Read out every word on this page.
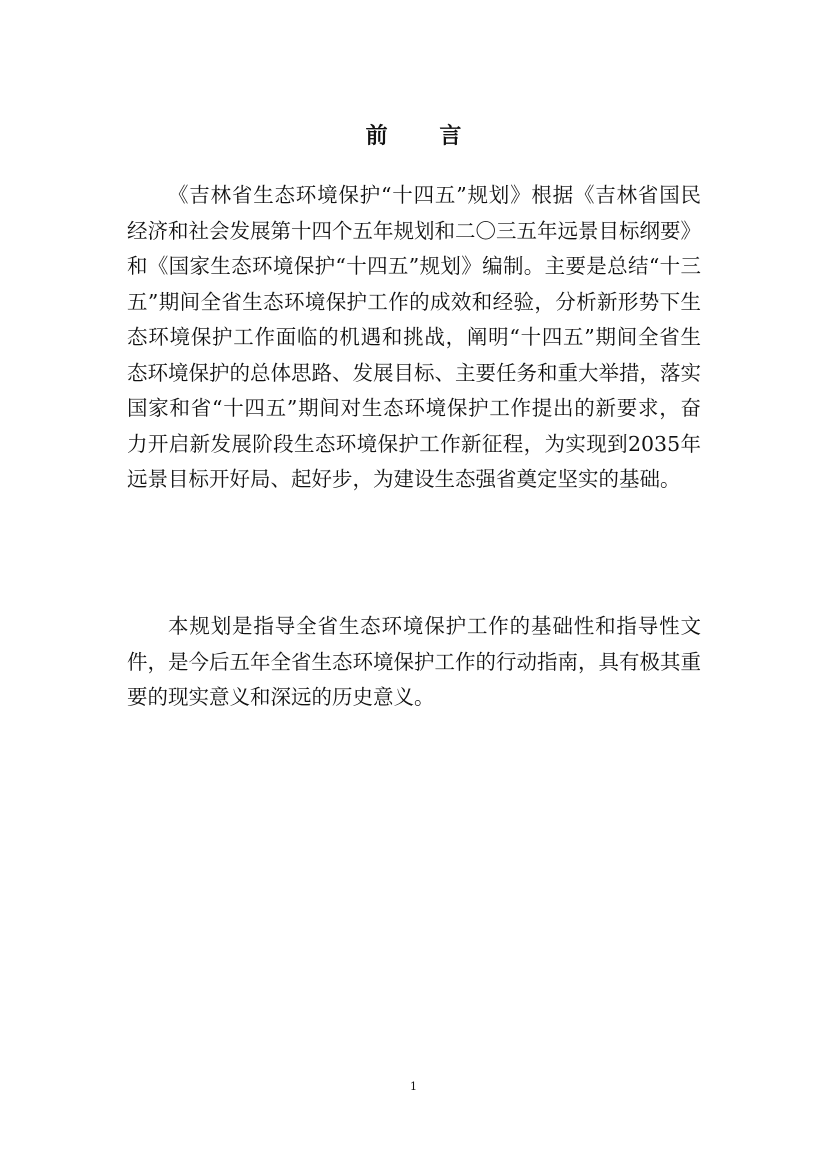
前 言

《吉林省生态环境保护“十四五”规划》根据《吉林省国民经济和社会发展第十四个五年规划和二〇三五年远景目标纲要》和《国家生态环境保护“十四五”规划》编制。主要是总结“十三五”期间全省生态环境保护工作的成效和经验，分析新形势下生态环境保护工作面临的机遇和挑战，阐明“十四五”期间全省生态环境保护的总体思路、发展目标、主要任务和重大举措，落实国家和省“十四五”期间对生态环境保护工作提出的新要求，奋力开启新发展阶段生态环境保护工作新征程，为实现到2035年远景目标开好局、起好步，为建设生态强省奠定坚实的基础。

本规划是指导全省生态环境保护工作的基础性和指导性文件，是今后五年全省生态环境保护工作的行动指南，具有极其重要的现实意义和深远的历史意义。

1
